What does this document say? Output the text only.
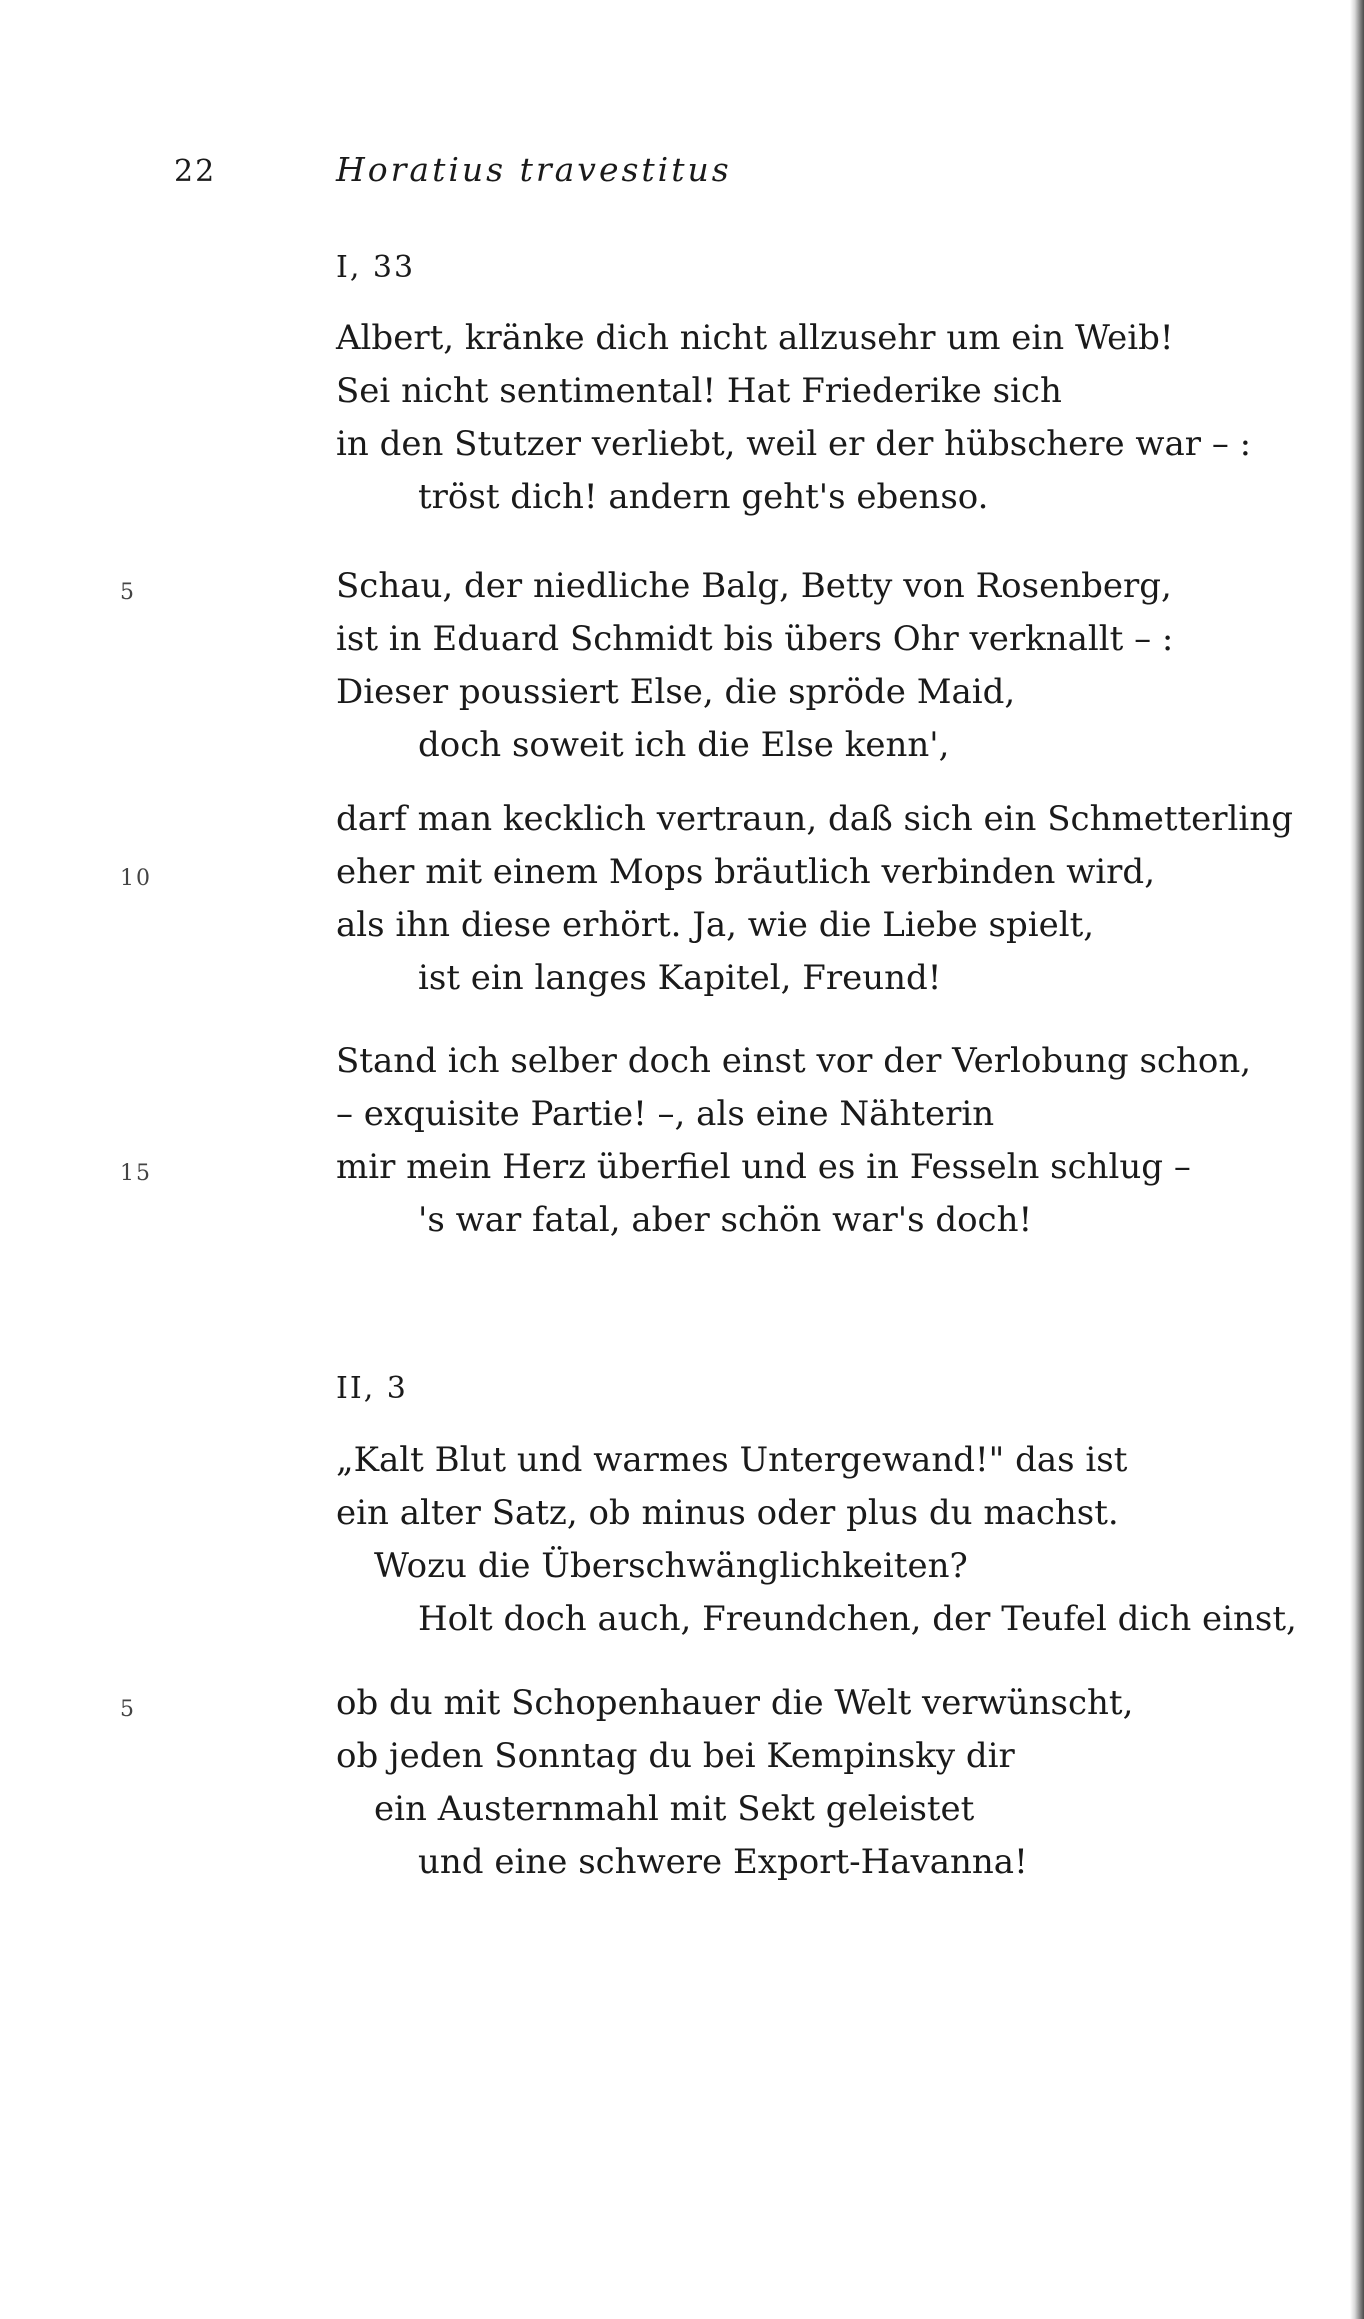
22	Horatius travestitus
I, 33
Albert, kränke dich nicht allzusehr um ein Weib!
Sei nicht sentimental! Hat Friederike sich
in den Stutzer verliebt, weil er der hübschere war – :
tröst dich! andern geht's ebenso.
5	Schau, der niedliche Balg, Betty von Rosenberg,
ist in Eduard Schmidt bis übers Ohr verknallt – :
Dieser poussiert Else, die spröde Maid,
doch soweit ich die Else kenn',
darf man kecklich vertraun, daß sich ein Schmetterling
10	eher mit einem Mops bräutlich verbinden wird,
als ihn diese erhört. Ja, wie die Liebe spielt,
ist ein langes Kapitel, Freund!
Stand ich selber doch einst vor der Verlobung schon,
– exquisite Partie! –, als eine Nähterin
15	mir mein Herz überfiel und es in Fesseln schlug –
's war fatal, aber schön war's doch!
II, 3
„Kalt Blut und warmes Untergewand!" das ist
ein alter Satz, ob minus oder plus du machst.
Wozu die Überschwänglichkeiten?
Holt doch auch, Freundchen, der Teufel dich einst,
5	ob du mit Schopenhauer die Welt verwünscht,
ob jeden Sonntag du bei Kempinsky dir
ein Austernmahl mit Sekt geleistet
und eine schwere Export-Havanna!
